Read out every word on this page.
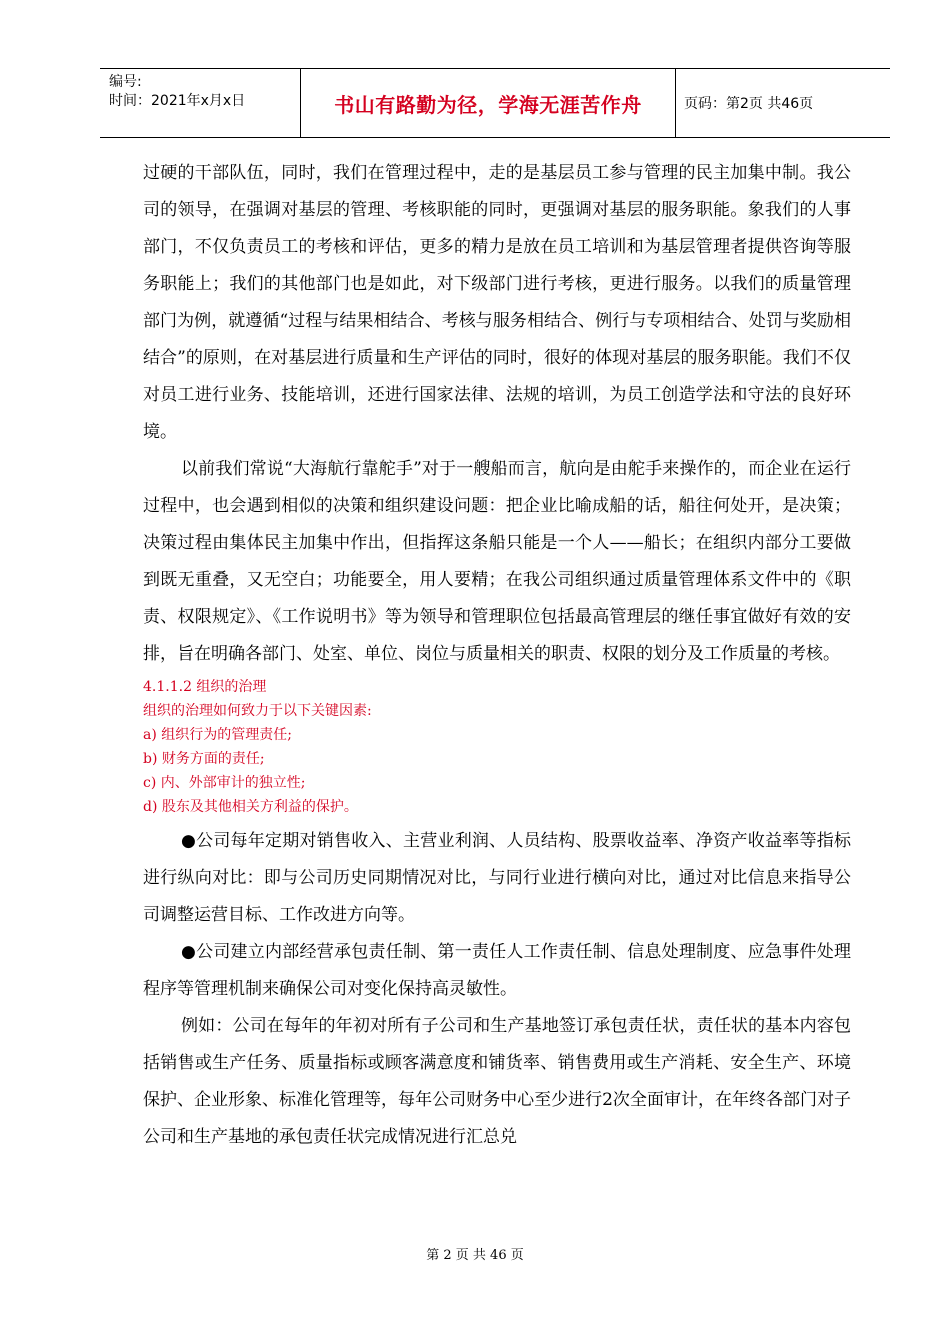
编号:
时间：2021年x月x日	书山有路勤为径，学海无涯苦作舟	页码：第2页 共46页

过硬的干部队伍，同时，我们在管理过程中，走的是基层员工参与管理的民主加集中制。我公司的领导，在强调对基层的管理、考核职能的同时，更强调对基层的服务职能。象我们的人事部门，不仅负责员工的考核和评估，更多的精力是放在员工培训和为基层管理者提供咨询等服务职能上；我们的其他部门也是如此，对下级部门进行考核，更进行服务。以我们的质量管理部门为例，就遵循“过程与结果相结合、考核与服务相结合、例行与专项相结合、处罚与奖励相结合”的原则，在对基层进行质量和生产评估的同时，很好的体现对基层的服务职能。我们不仅对员工进行业务、技能培训，还进行国家法律、法规的培训，为员工创造学法和守法的良好环境。

以前我们常说“大海航行靠舵手”对于一艘船而言，航向是由舵手来操作的，而企业在运行过程中，也会遇到相似的决策和组织建设问题：把企业比喻成船的话，船往何处开，是决策；决策过程由集体民主加集中作出，但指挥这条船只能是一个人——船长；在组织内部分工要做到既无重叠，又无空白；功能要全，用人要精；在我公司组织通过质量管理体系文件中的《职责、权限规定》、《工作说明书》等为领导和管理职位包括最高管理层的继任事宜做好有效的安排，旨在明确各部门、处室、单位、岗位与质量相关的职责、权限的划分及工作质量的考核。

4.1.1.2 组织的治理

组织的治理如何致力于以下关键因素:

a) 组织行为的管理责任;

b) 财务方面的责任;

c) 内、外部审计的独立性;

d) 股东及其他相关方利益的保护。

●公司每年定期对销售收入、主营业利润、人员结构、股票收益率、净资产收益率等指标进行纵向对比：即与公司历史同期情况对比，与同行业进行横向对比，通过对比信息来指导公司调整运营目标、工作改进方向等。

●公司建立内部经营承包责任制、第一责任人工作责任制、信息处理制度、应急事件处理程序等管理机制来确保公司对变化保持高灵敏性。

例如：公司在每年的年初对所有子公司和生产基地签订承包责任状，责任状的基本内容包括销售或生产任务、质量指标或顾客满意度和铺货率、销售费用或生产消耗、安全生产、环境保护、企业形象、标准化管理等，每年公司财务中心至少进行2次全面审计，在年终各部门对子公司和生产基地的承包责任状完成情况进行汇总兑

第 2 页 共 46 页
